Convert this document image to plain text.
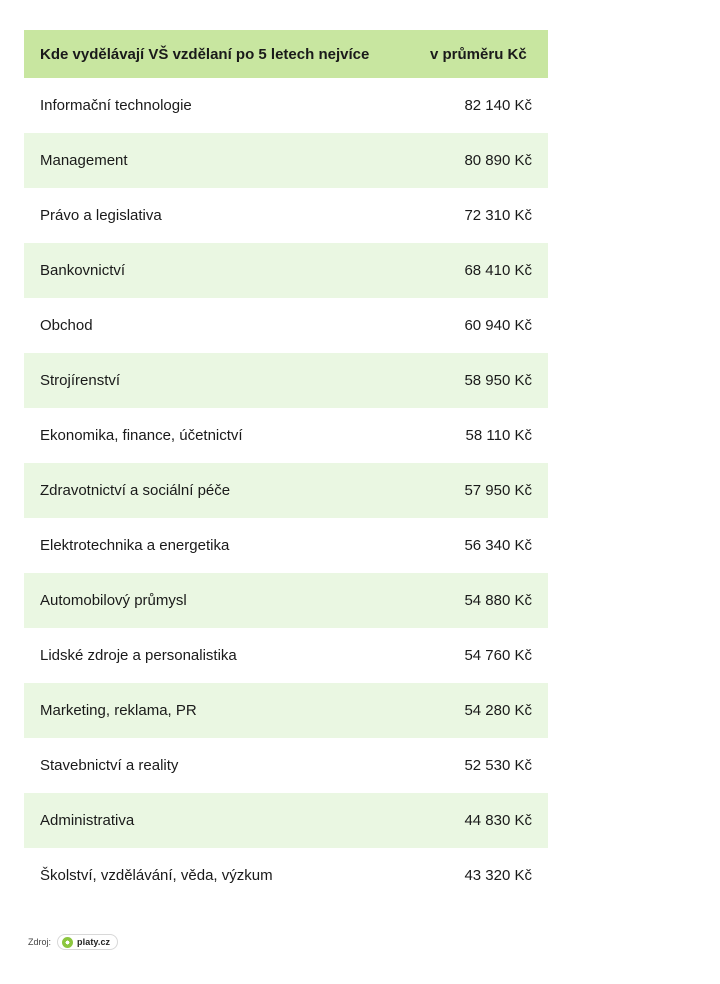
Kde vydělávají VŠ vzdělaní po 5 letech nejvíce	v průměru Kč
Informační technologie	82 140 Kč
Management	80 890 Kč
Právo a legislativa	72 310 Kč
Bankovnictví	68 410 Kč
Obchod	60 940 Kč
Strojírenství	58 950 Kč
Ekonomika, finance, účetnictví	58 110 Kč
Zdravotnictví a sociální péče	57 950 Kč
Elektrotechnika a energetika	56 340 Kč
Automobilový průmysl	54 880 Kč
Lidské zdroje a personalistika	54 760 Kč
Marketing, reklama, PR	54 280 Kč
Stavebnictví a reality	52 530 Kč
Administrativa	44 830 Kč
Školství, vzdělávání, věda, výzkum	43 320 Kč
Zdroj:	platy.cz
